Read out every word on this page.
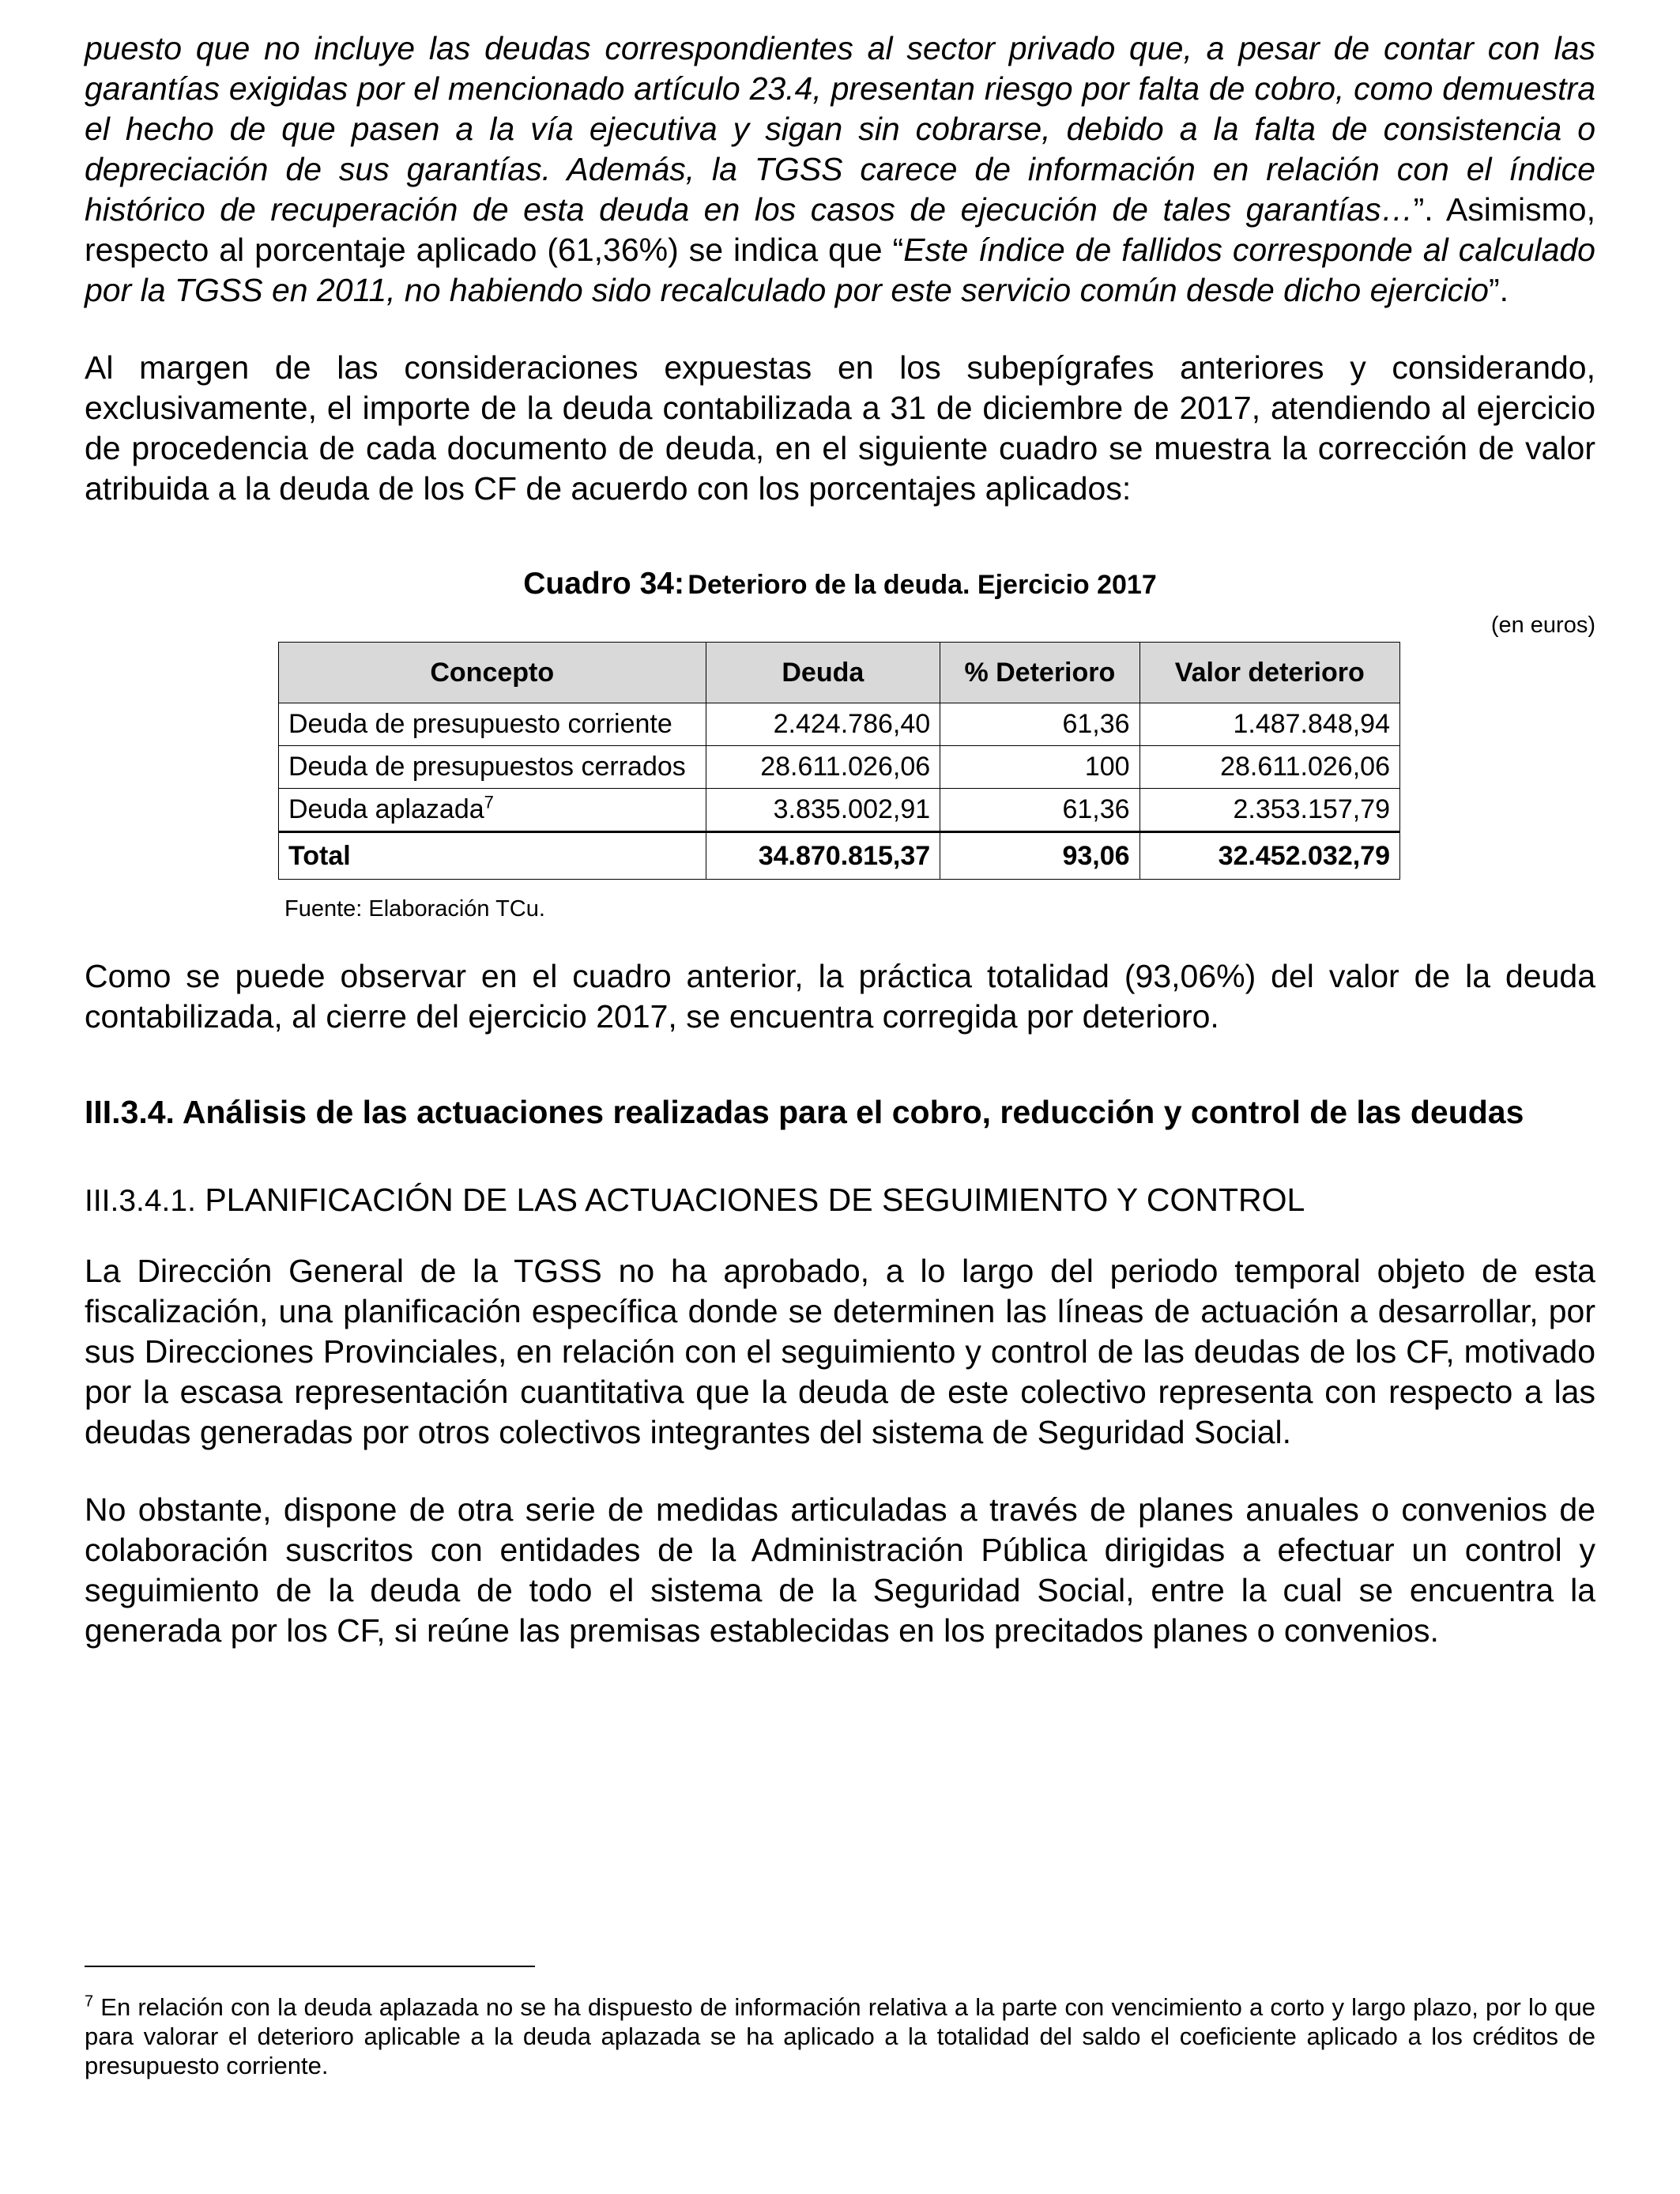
puesto que no incluye las deudas correspondientes al sector privado que, a pesar de contar con las garantías exigidas por el mencionado artículo 23.4, presentan riesgo por falta de cobro, como demuestra el hecho de que pasen a la vía ejecutiva y sigan sin cobrarse, debido a la falta de consistencia o depreciación de sus garantías. Además, la TGSS carece de información en relación con el índice histórico de recuperación de esta deuda en los casos de ejecución de tales garantías…”. Asimismo, respecto al porcentaje aplicado (61,36%) se indica que “Este índice de fallidos corresponde al calculado por la TGSS en 2011, no habiendo sido recalculado por este servicio común desde dicho ejercicio”.

Al margen de las consideraciones expuestas en los subepígrafes anteriores y considerando, exclusivamente, el importe de la deuda contabilizada a 31 de diciembre de 2017, atendiendo al ejercicio de procedencia de cada documento de deuda, en el siguiente cuadro se muestra la corrección de valor atribuida a la deuda de los CF de acuerdo con los porcentajes aplicados:

Cuadro 34: Deterioro de la deuda. Ejercicio 2017
(en euros)
Concepto	Deuda	% Deterioro	Valor deterioro
Deuda de presupuesto corriente	2.424.786,40	61,36	1.487.848,94
Deuda de presupuestos cerrados	28.611.026,06	100	28.611.026,06
Deuda aplazada$^7$	3.835.002,91	61,36	2.353.157,79
Total	34.870.815,37	93,06	32.452.032,79
Fuente: Elaboración TCu.

Como se puede observar en el cuadro anterior, la práctica totalidad (93,06%) del valor de la deuda contabilizada, al cierre del ejercicio 2017, se encuentra corregida por deterioro.

III.3.4. Análisis de las actuaciones realizadas para el cobro, reducción y control de las deudas
III.3.4.1. PLANIFICACIÓN DE LAS ACTUACIONES DE SEGUIMIENTO Y CONTROL

La Dirección General de la TGSS no ha aprobado, a lo largo del periodo temporal objeto de esta fiscalización, una planificación específica donde se determinen las líneas de actuación a desarrollar, por sus Direcciones Provinciales, en relación con el seguimiento y control de las deudas de los CF, motivado por la escasa representación cuantitativa que la deuda de este colectivo representa con respecto a las deudas generadas por otros colectivos integrantes del sistema de Seguridad Social.

No obstante, dispone de otra serie de medidas articuladas a través de planes anuales o convenios de colaboración suscritos con entidades de la Administración Pública dirigidas a efectuar un control y seguimiento de la deuda de todo el sistema de la Seguridad Social, entre la cual se encuentra la generada por los CF, si reúne las premisas establecidas en los precitados planes o convenios.

$^7$ En relación con la deuda aplazada no se ha dispuesto de información relativa a la parte con vencimiento a corto y largo plazo, por lo que para valorar el deterioro aplicable a la deuda aplazada se ha aplicado a la totalidad del saldo el coeficiente aplicado a los créditos de presupuesto corriente.
